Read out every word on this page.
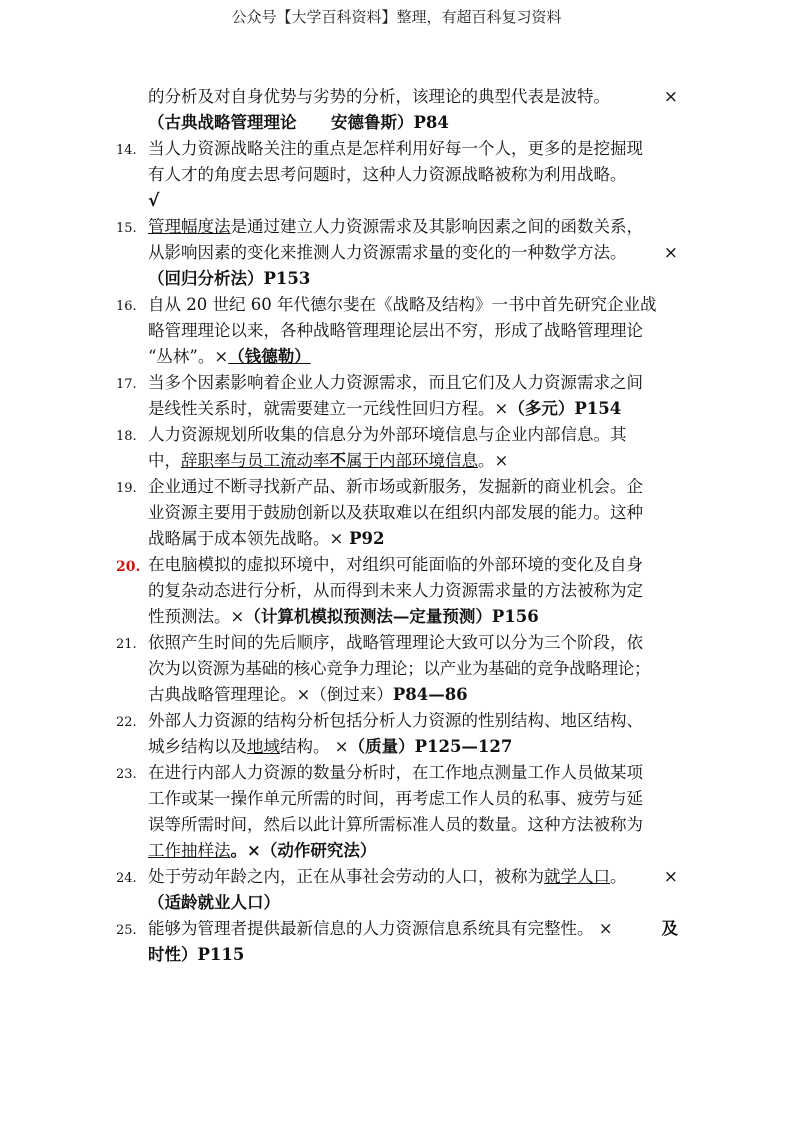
公众号【大学百科资料】整理，有超百科复习资料
的分析及对自身优势与劣势的分析，该理论的典型代表是波特。	×
（古典战略管理理论      安德鲁斯）P84
14. 当人力资源战略关注的重点是怎样利用好每一个人，更多的是挖掘现
有人才的角度去思考问题时，这种人力资源战略被称为利用战略。
√
15. 管理幅度法是通过建立人力资源需求及其影响因素之间的函数关系，
从影响因素的变化来推测人力资源需求量的变化的一种数学方法。 ×
（回归分析法）P153
16. 自从 20 世纪 60 年代德尔斐在《战略及结构》一书中首先研究企业战
略管理理论以来，各种战略管理理论层出不穷，形成了战略管理理论
“丛林”。×（钱德勒）
17. 当多个因素影响着企业人力资源需求，而且它们及人力资源需求之间
是线性关系时，就需要建立一元线性回归方程。×（多元）P154
18. 人力资源规划所收集的信息分为外部环境信息与企业内部信息。其
中，辞职率与员工流动率不属于内部环境信息。×
19. 企业通过不断寻找新产品、新市场或新服务，发掘新的商业机会。企
业资源主要用于鼓励创新以及获取难以在组织内部发展的能力。这种
战略属于成本领先战略。× P92
20. 在电脑模拟的虚拟环境中，对组织可能面临的外部环境的变化及自身
的复杂动态进行分析，从而得到未来人力资源需求量的方法被称为定
性预测法。×（计算机模拟预测法—定量预测）P156
21. 依照产生时间的先后顺序，战略管理理论大致可以分为三个阶段，依
次为以资源为基础的核心竞争力理论；以产业为基础的竞争战略理论；
古典战略管理理论。×（倒过来）P84—86
22. 外部人力资源的结构分析包括分析人力资源的性别结构、地区结构、
城乡结构以及地域结构。 ×（质量）P125—127
23. 在进行内部人力资源的数量分析时，在工作地点测量工作人员做某项
工作或某一操作单元所需的时间，再考虑工作人员的私事、疲劳与延
误等所需时间，然后以此计算所需标准人员的数量。这种方法被称为
工作抽样法。×（动作研究法）
24. 处于劳动年龄之内，正在从事社会劳动的人口，被称为就学人口。 ×
（适龄就业人口）
25. 能够为管理者提供最新信息的人力资源信息系统具有完整性。 ×	及
时性）P115
